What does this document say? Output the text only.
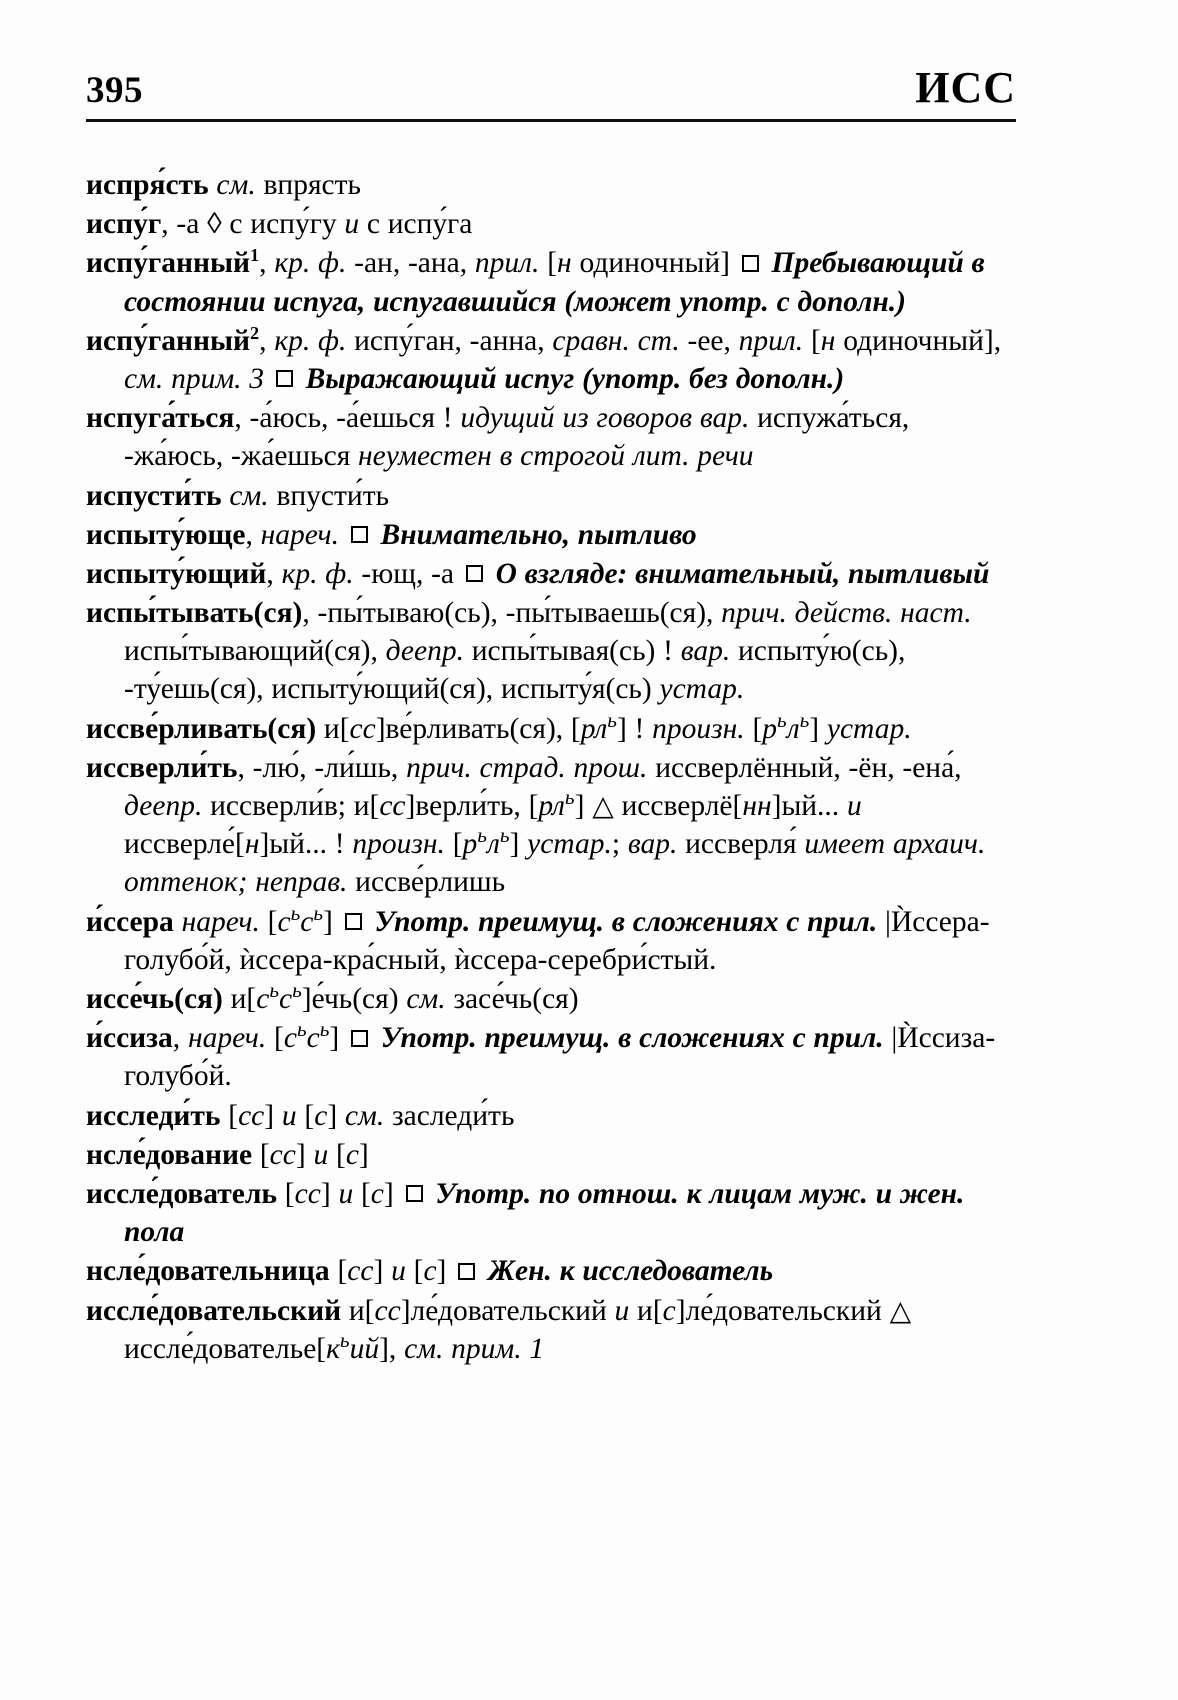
395	ИСС

испря́сть см. впрясть

испу́г, -а ◊ с испу́гу и с испу́га

испу́ганный$^1$, кр. ф. -ан, -ана, прил. [н одиночный]  Пребывающий в состоянии испуга, испугавшийся (может употр. с дополн.)

испу́ганный$^2$, кр. ф. испу́ган, -анна, сравн. ст. -ее, прил. [н одиночный], см. прим. 3 Выражающий испуг (употр. без дополн.)

нспуга́ться, -а́юсь, -а́ешься ! идущий из говоров вар. испужа́ться, -жа́юсь, -жа́ешься неуместен в строгой лит. речи

испусти́ть см. впусти́ть

испыту́юще, нареч. Внимательно, пытливо

испыту́ющий, кр. ф. -ющ, -а  О взгляде: внимательный, пытливый

испы́тывать(ся), -пы́тываю(сь), -пы́тываешь(ся), прич. действ. наст. испы́тывающий(ся), деепр. испы́тывая(сь) ! вар. испыту́ю(сь), -ту́ешь(ся), испыту́ющий(ся), испыту́я(сь) устар.

иссве́рливать(ся) и[сс]ве́рливать(ся), $[рл^ь]$ ! произн. $[р^ьл^ь]$ устар.

иссверли́ть, -лю́, -ли́шь, прич. страд. прош. иссверлённый, -ён, -ена́, деепр. иссверли́в; и[сс]верли́ть, $[рл^ь]$ △ иссверлё[нн]ый... и иссверле́[н]ый... ! произн. $[р^ьл^ь]$ устар.; вар. иссверля́ имеет архаич. оттенок; неправ. иссве́рлишь

и́ссера нареч. $[с^ьс^ь]$  Употр. преимущ. в сложениях с прил. |Ѝссера-голубо́й, ѝссера-кра́сный, ѝссера-серебри́стый.

иссе́чь(ся) $и[с^ьс^ь]е́чь(ся)$ см. засе́чь(ся)

и́ссиза, нареч. $[с^ьс^ь]$  Употр. преимущ. в сложениях с прил. |Ѝссиза-голубо́й.

исследи́ть [сс] и [с] см. заследи́ть

нсле́дование [сс] и [с]

иссле́дователь [сс] и [с]  Употр. по отнош. к лицам муж. и жен. пола

нсле́довательница [сс] и [с]  Жен. к исследователь

иссле́довательский и[сс]ле́довательский и и[с]ле́довательский △ $иссле́дователье[к^ьий]$, см. прим. 1
